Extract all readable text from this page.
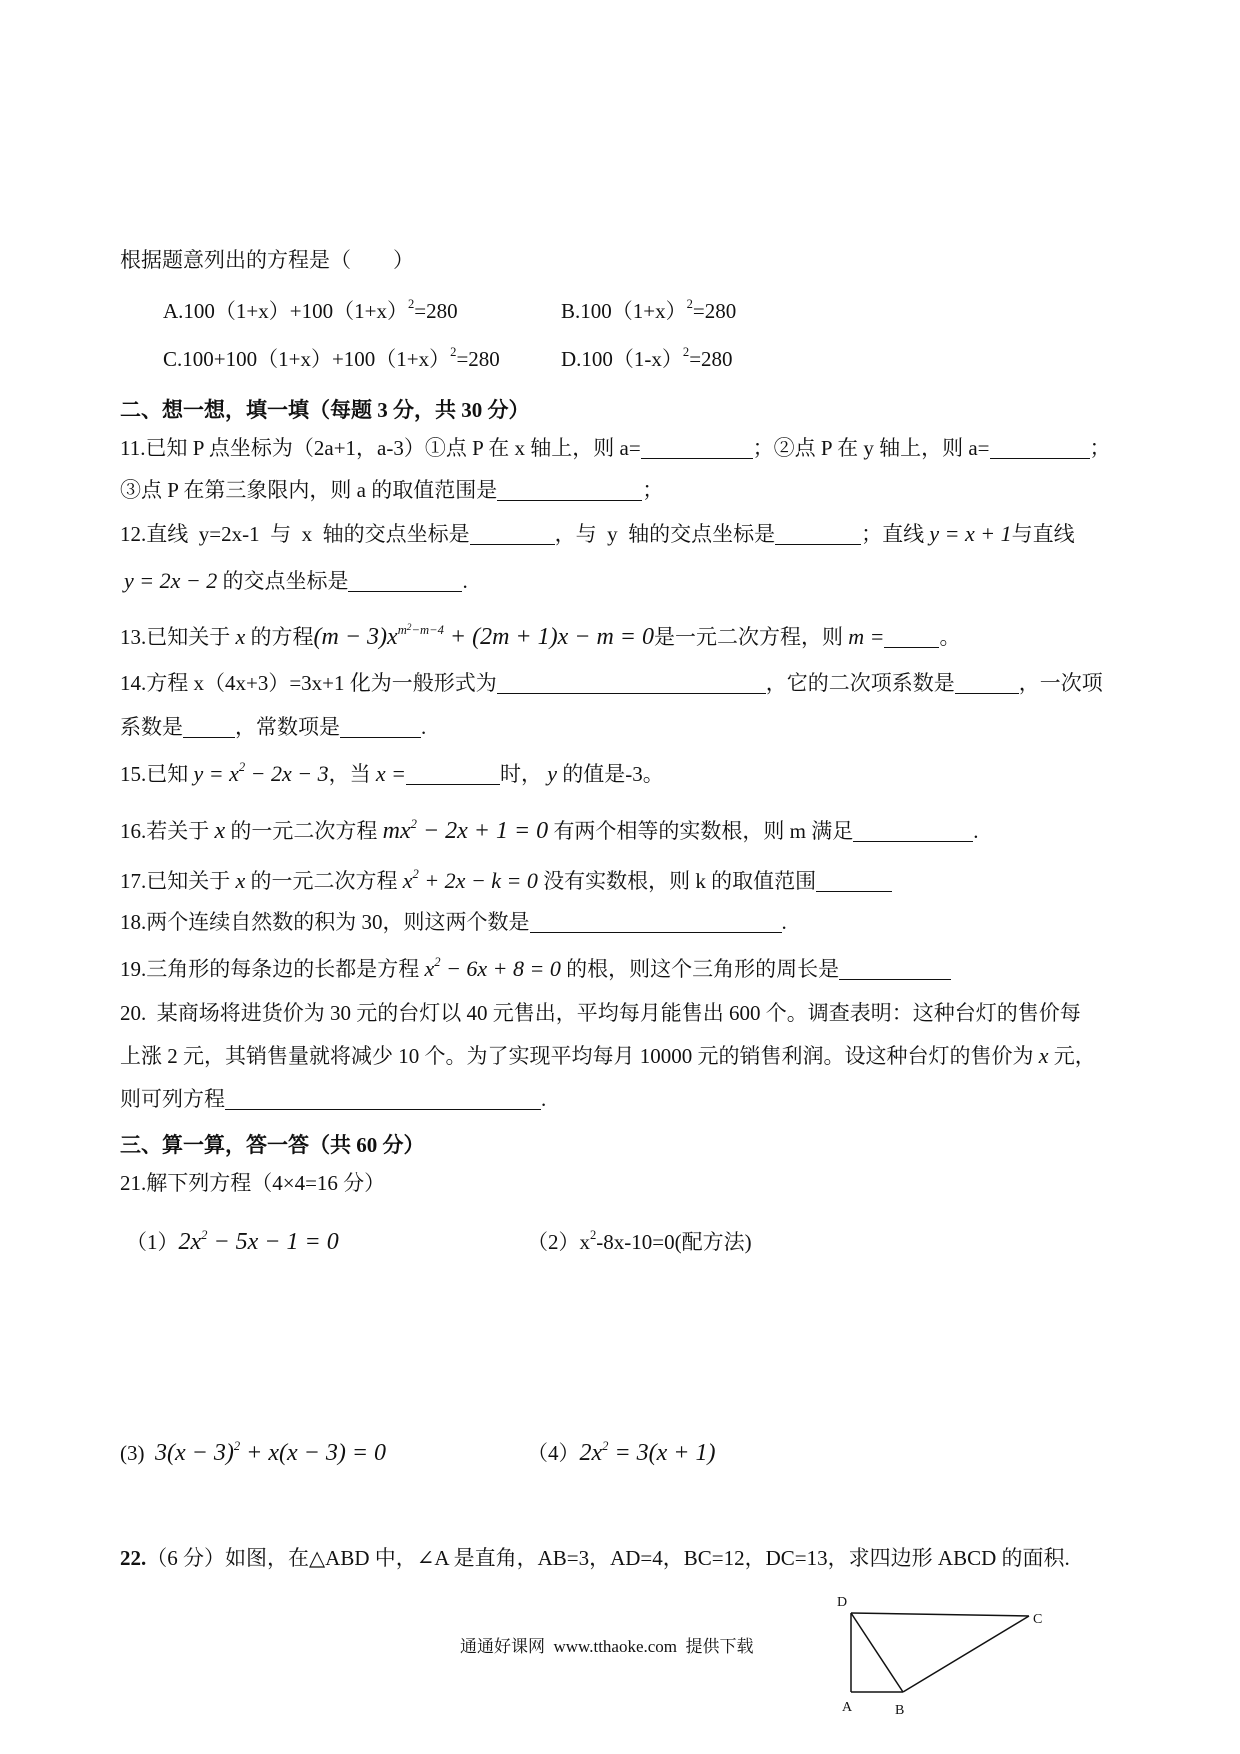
根据题意列出的方程是（　　）
$A.100(1+x)+100(1+x)^2=280$	$B.100(1+x)^2=280$
$C.100+100(1+x)+100(1+x)^2=280$	$D.100(1-x)^2=280$
二、想一想，填一填（每题 3 分，共 30 分）
11.已知 P 点坐标为（2a+1，a-3）①点 P 在 x 轴上，则 a=	；②点 P 在 y 轴上，则 a=	；
③点 P 在第三象限内，则 a 的取值范围是	；
12.直线  y=2x-1  与  x  轴的交点坐标是	，与  y  轴的交点坐标是	；直线 y = x + 1与直线
y = 2x − 2 的交点坐标是	.
13.已知关于 x 的方程$(m - 3)x^{m^2-m-4} + (2m + 1)x - m = 0$是一元二次方程，则 m =	。
14.方程 x（4x+3）=3x+1 化为一般形式为	，它的二次项系数是	，一次项
系数是 ，常数项是	.
15.已知 $y = x^2 - 2x - 3$，当 x =	时， y 的值是-3。
16.若关于 x 的一元二次方程 $mx^2 - 2x + 1 = 0$ 有两个相等的实数根，则 m 满足	.
17.已知关于 x 的一元二次方程 $x^2 + 2x - k = 0$ 没有实数根，则 k 的取值范围
18.两个连续自然数的积为 30，则这两个数是	.
19.三角形的每条边的长都是方程 $x^2 - 6x + 8 = 0$ 的根，则这个三角形的周长是
20.  某商场将进货价为 30 元的台灯以 40 元售出，平均每月能售出 600 个。调查表明：这种台灯的售价每
上涨 2 元，其销售量就将减少 10 个。为了实现平均每月 10000 元的销售利润。设这种台灯的售价为 x 元，
则可列方程	.
三、算一算，答一答（共 60 分）
21.解下列方程（4×4=16 分）
$(1)2x^2 - 5x - 1 = 0$	$(2)x^2-8x-10=0$(配方法)
(3)  $3(x - 3)^2 + x(x - 3) = 0$	$(4)2x^2 = 3(x + 1)$
22.（6 分）如图，在△ABD 中，∠A 是直角，AB=3，AD=4，BC=12，DC=13，求四边形 ABCD 的面积.
通通好课网  www.tthaoke.com  提供下载
D
C
A	B
